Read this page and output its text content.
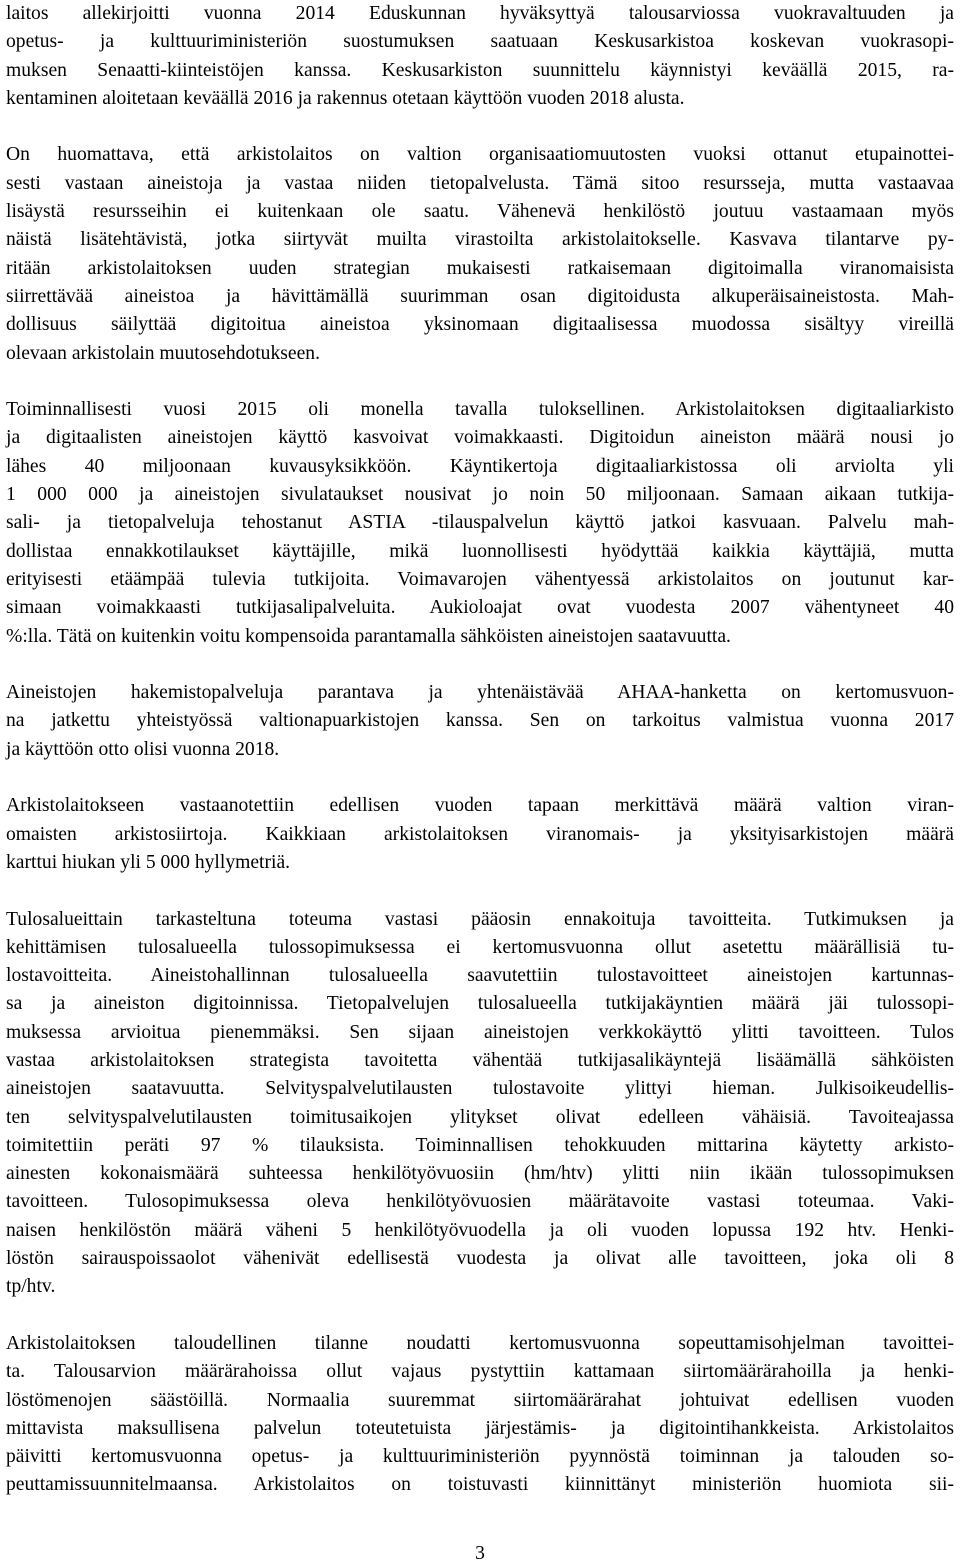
laitos allekirjoitti vuonna 2014 Eduskunnan hyväksyttyä talousarviossa vuokravaltuuden ja
opetus- ja kulttuuriministeriön suostumuksen saatuaan Keskusarkistoa koskevan vuokrasopi-
muksen Senaatti-kiinteistöjen kanssa. Keskusarkiston suunnittelu käynnistyi keväällä 2015, ra-
kentaminen aloitetaan keväällä 2016 ja rakennus otetaan käyttöön vuoden 2018 alusta.
On huomattava, että arkistolaitos on valtion organisaatiomuutosten vuoksi ottanut etupainottei-
sesti vastaan aineistoja ja vastaa niiden tietopalvelusta. Tämä sitoo resursseja, mutta vastaavaa
lisäystä resursseihin ei kuitenkaan ole saatu. Vähenevä henkilöstö joutuu vastaamaan myös
näistä lisätehtävistä, jotka siirtyvät muilta virastoilta arkistolaitokselle. Kasvava tilantarve py-
ritään arkistolaitoksen uuden strategian mukaisesti ratkaisemaan digitoimalla viranomaisista
siirrettävää aineistoa ja hävittämällä suurimman osan digitoidusta alkuperäisaineistosta. Mah-
dollisuus säilyttää digitoitua aineistoa yksinomaan digitaalisessa muodossa sisältyy vireillä
olevaan arkistolain muutosehdotukseen.
Toiminnallisesti vuosi 2015 oli monella tavalla tuloksellinen. Arkistolaitoksen digitaaliarkisto
ja digitaalisten aineistojen käyttö kasvoivat voimakkaasti. Digitoidun aineiston määrä nousi jo
lähes 40 miljoonaan kuvausyksikköön. Käyntikertoja digitaaliarkistossa oli arviolta yli
1 000 000 ja aineistojen sivulataukset nousivat jo noin 50 miljoonaan. Samaan aikaan tutkija-
sali- ja tietopalveluja tehostanut ASTIA -tilauspalvelun käyttö jatkoi kasvuaan. Palvelu mah-
dollistaa ennakkotilaukset käyttäjille, mikä luonnollisesti hyödyttää kaikkia käyttäjiä, mutta
erityisesti etäämpää tulevia tutkijoita. Voimavarojen vähentyessä arkistolaitos on joutunut kar-
simaan voimakkaasti tutkijasalipalveluita. Aukioloajat ovat vuodesta 2007 vähentyneet 40
%:lla. Tätä on kuitenkin voitu kompensoida parantamalla sähköisten aineistojen saatavuutta.
Aineistojen hakemistopalveluja parantava ja yhtenäistävää AHAA-hanketta on kertomusvuon-
na jatkettu yhteistyössä valtionapuarkistojen kanssa. Sen on tarkoitus valmistua vuonna 2017
ja käyttöön otto olisi vuonna 2018.
Arkistolaitokseen vastaanotettiin edellisen vuoden tapaan merkittävä määrä valtion viran-
omaisten arkistosiirtoja. Kaikkiaan arkistolaitoksen viranomais- ja yksityisarkistojen määrä
karttui hiukan yli 5 000 hyllymetriä.
Tulosalueittain tarkasteltuna toteuma vastasi pääosin ennakoituja tavoitteita. Tutkimuksen ja
kehittämisen tulosalueella tulossopimuksessa ei kertomusvuonna ollut asetettu määrällisiä tu-
lostavoitteita. Aineistohallinnan tulosalueella saavutettiin tulostavoitteet aineistojen kartunnas-
sa ja aineiston digitoinnissa. Tietopalvelujen tulosalueella tutkijakäyntien määrä jäi tulossopi-
muksessa arvioitua pienemmäksi. Sen sijaan aineistojen verkkokäyttö ylitti tavoitteen. Tulos
vastaa arkistolaitoksen strategista tavoitetta vähentää tutkijasalikäyntejä lisäämällä sähköisten
aineistojen saatavuutta. Selvityspalvelutilausten tulostavoite ylittyi hieman. Julkisoikeudellis-
ten selvityspalvelutilausten toimitusaikojen ylitykset olivat edelleen vähäisiä. Tavoiteajassa
toimitettiin peräti 97 % tilauksista. Toiminnallisen tehokkuuden mittarina käytetty arkisto-
ainesten kokonaismäärä suhteessa henkilötyövuosiin (hm/htv) ylitti niin ikään tulossopimuksen
tavoitteen. Tulosopimuksessa oleva henkilötyövuosien määrätavoite vastasi toteumaa. Vaki-
naisen henkilöstön määrä väheni 5 henkilötyövuodella ja oli vuoden lopussa 192 htv. Henki-
löstön sairauspoissaolot vähenivät edellisestä vuodesta ja olivat alle tavoitteen, joka oli 8
tp/htv.
Arkistolaitoksen taloudellinen tilanne noudatti kertomusvuonna sopeuttamisohjelman tavoittei-
ta. Talousarvion määrärahoissa ollut vajaus pystyttiin kattamaan siirtomäärärahoilla ja henki-
löstömenojen säästöillä. Normaalia suuremmat siirtomäärärahat johtuivat edellisen vuoden
mittavista maksullisena palvelun toteutetuista järjestämis- ja digitointihankkeista. Arkistolaitos
päivitti kertomusvuonna opetus- ja kulttuuriministeriön pyynnöstä toiminnan ja talouden so-
peuttamissuunnitelmaansa. Arkistolaitos on toistuvasti kiinnittänyt ministeriön huomiota sii-
3
